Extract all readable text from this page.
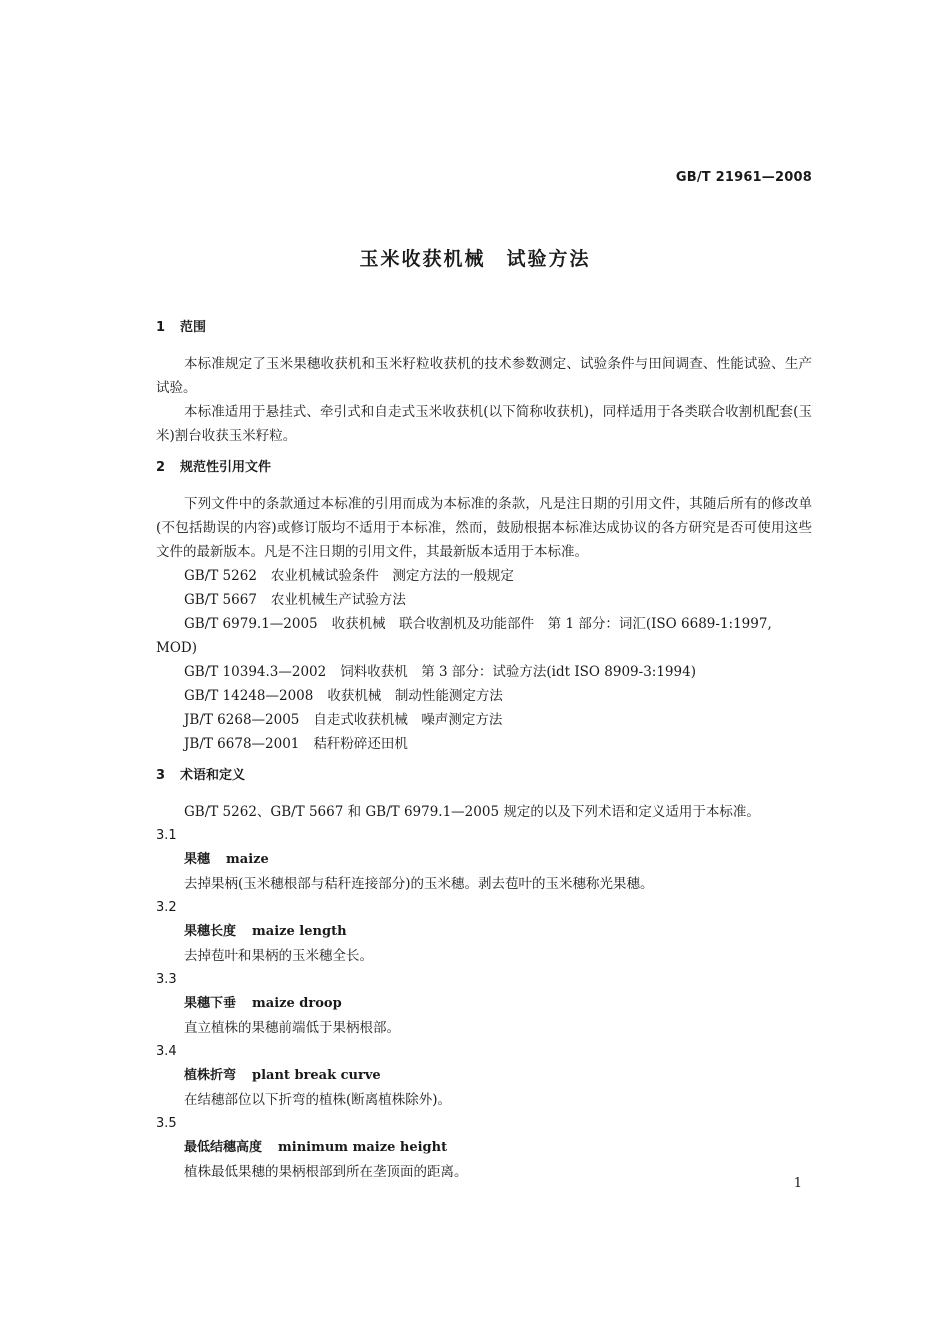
GB/T 21961—2008
玉米收获机械　试验方法
1 范围

本标准规定了玉米果穗收获机和玉米籽粒收获机的技术参数测定、试验条件与田间调查、性能试验、生产试验。

本标准适用于悬挂式、牵引式和自走式玉米收获机(以下简称收获机)，同样适用于各类联合收割机配套(玉米)割台收获玉米籽粒。

2 规范性引用文件

下列文件中的条款通过本标准的引用而成为本标准的条款，凡是注日期的引用文件，其随后所有的修改单(不包括勘误的内容)或修订版均不适用于本标准，然而，鼓励根据本标准达成协议的各方研究是否可使用这些文件的最新版本。凡是不注日期的引用文件，其最新版本适用于本标准。

GB/T 5262 农业机械试验条件　测定方法的一般规定
GB/T 5667 农业机械生产试验方法
GB/T 6979.1—2005 收获机械　联合收割机及功能部件　第 1 部分：词汇(ISO 6689-1:1997,
MOD)
GB/T 10394.3—2002 饲料收获机　第 3 部分：试验方法(idt ISO 8909-3:1994)
GB/T 14248—2008 收获机械　制动性能测定方法
JB/T 6268—2005 自走式收获机械　噪声测定方法
JB/T 6678—2001 秸秆粉碎还田机
3 术语和定义

GB/T 5262、GB/T 5667 和 GB/T 6979.1—2005 规定的以及下列术语和定义适用于本标准。

3.1
果穗 maize
去掉果柄(玉米穗根部与秸秆连接部分)的玉米穗。剥去苞叶的玉米穗称光果穗。
3.2
果穗长度 maize length
去掉苞叶和果柄的玉米穗全长。
3.3
果穗下垂 maize droop
直立植株的果穗前端低于果柄根部。
3.4
植株折弯 plant break curve
在结穗部位以下折弯的植株(断离植株除外)。
3.5
最低结穗高度 minimum maize height
植株最低果穗的果柄根部到所在垄顶面的距离。
1
